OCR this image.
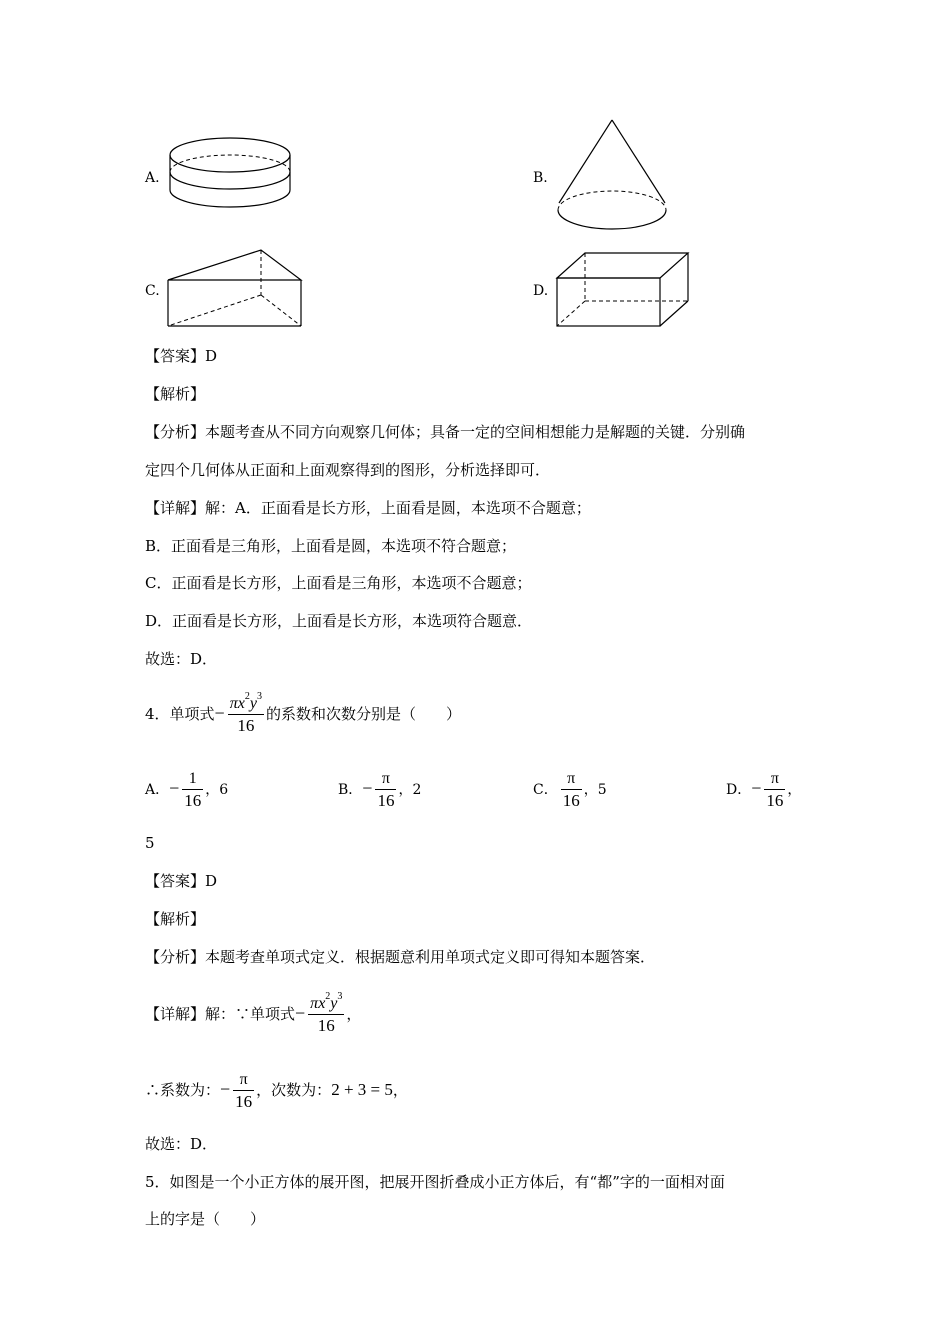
A.	B.
C.	D.
【答案】D
【解析】
【分析】本题考查从不同方向观察几何体；具备一定的空间相想能力是解题的关键．分别确
定四个几何体从正面和上面观察得到的图形，分析选择即可．
【详解】解：A．正面看是长方形，上面看是圆，本选项不合题意；
B．正面看是三角形，上面看是圆，本选项不符合题意；
C．正面看是长方形，上面看是三角形，本选项不合题意；
D．正面看是长方形，上面看是长方形，本选项符合题意．
故选：D．
4．单项式− $\frac{\pi x^2y^3}{16}$ 的系数和次数分别是（　　）
A．− $\frac{1}{16}$ ，6	B．− $\frac{\pi}{16}$ ，2	C． $\frac{\pi}{16}$ ，5	D．− $\frac{\pi}{16}$ ，
5
【答案】D
【解析】
【分析】本题考查单项式定义．根据题意利用单项式定义即可得知本题答案．
【详解】解：∵单项式− $\frac{\pi x^2y^3}{16}$ ，
∴系数为：− $\frac{\pi}{16}$ ，次数为：2 + 3 = 5，
故选：D．
5．如图是一个小正方体的展开图，把展开图折叠成小正方体后，有“都”字的一面相对面
上的字是（　　）
